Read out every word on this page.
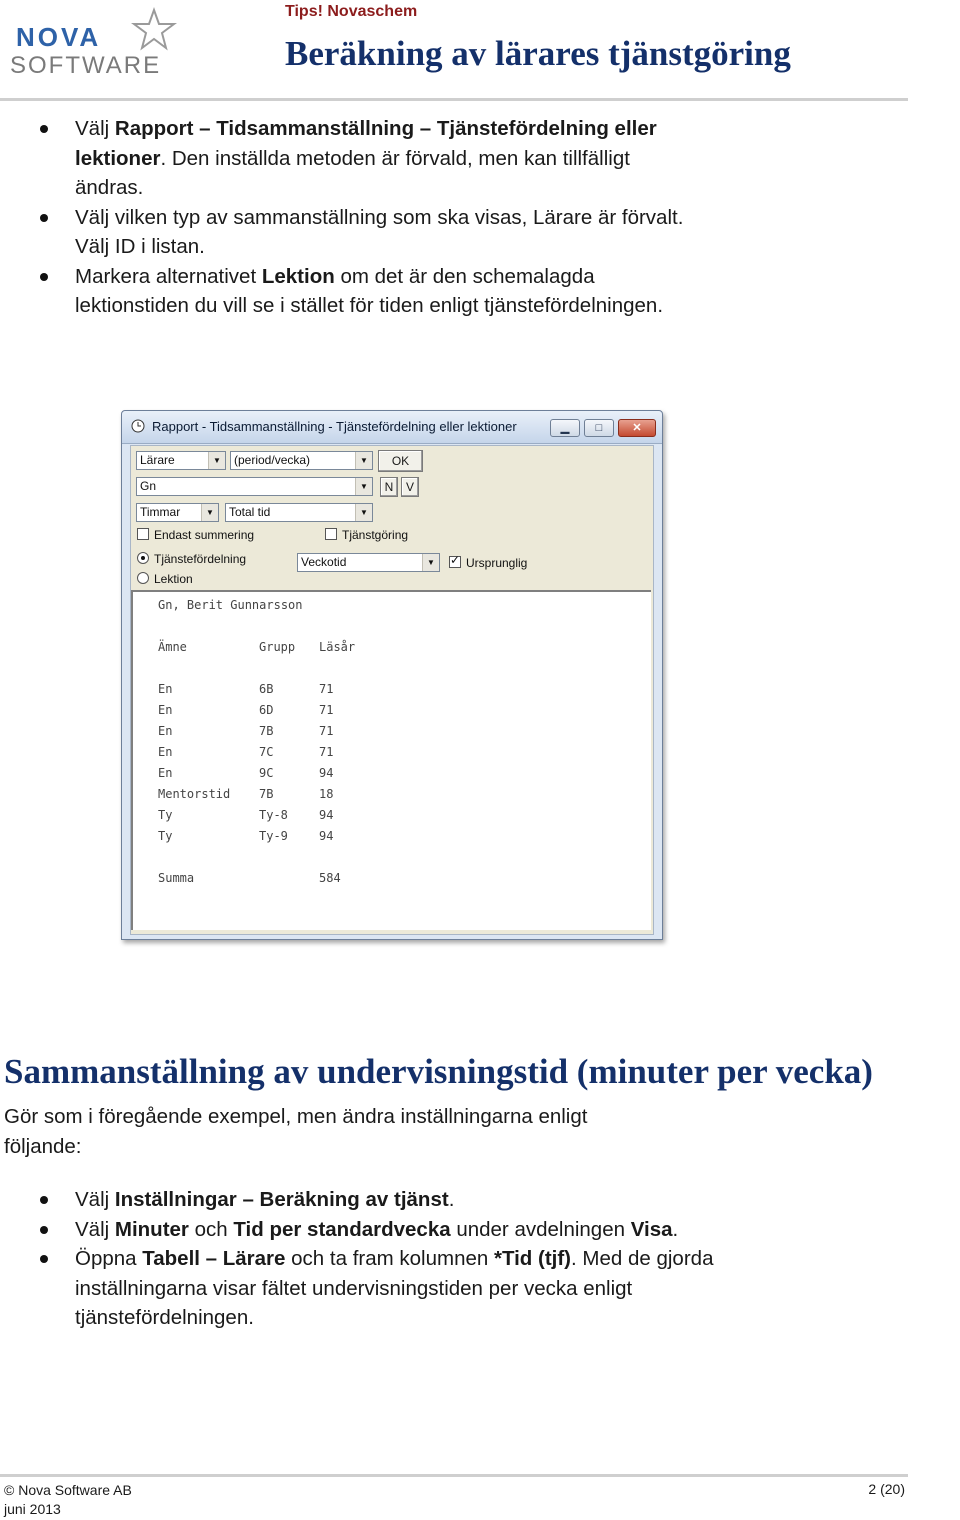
NOVA
SOFTWARE
Tips! Novaschem
Beräkning av lärares tjänstgöring
Välj Rapport – Tidsammanställning – Tjänstefördelning eller lektioner. Den inställda metoden är förvald, men kan tillfälligt ändras.
Välj vilken typ av sammanställning som ska visas, Lärare är förvalt. Välj ID i listan.
Markera alternativet Lektion om det är den schemalagda lektionstiden du vill se i stället för tiden enligt tjänstefördelningen.
Rapport - Tidsammanställning - Tjänstefördelning eller lektioner	▁	□	✕
Lärare	▼	(period/vecka)	▼	OK
Gn	▼	N	V
Timmar	▼	Total tid	▼
Endast summering	Tjänstgöring
Tjänstefördelning
Lektion
Veckotid	▼
✓	Ursprunglig
Gn, Berit Gunnarsson
Ämne	Grupp Läsår
En	6B	71
En	6D	71
En	7B	71
En	7C	71
En	9C	94
Mentorstid 7B	18
Ty	Ty-8	94
Ty	Ty-9	94
Summa	584
Sammanställning av undervisningstid (minuter per vecka)
Gör som i föregående exempel, men ändra inställningarna enligt följande:
Välj Inställningar – Beräkning av tjänst.
Välj Minuter och Tid per standardvecka under avdelningen Visa.
Öppna Tabell – Lärare och ta fram kolumnen *Tid (tjf). Med de gjorda inställningarna visar fältet undervisningstiden per vecka enligt tjänstefördelningen.
© Nova Software AB
juni 2013
2 (20)
